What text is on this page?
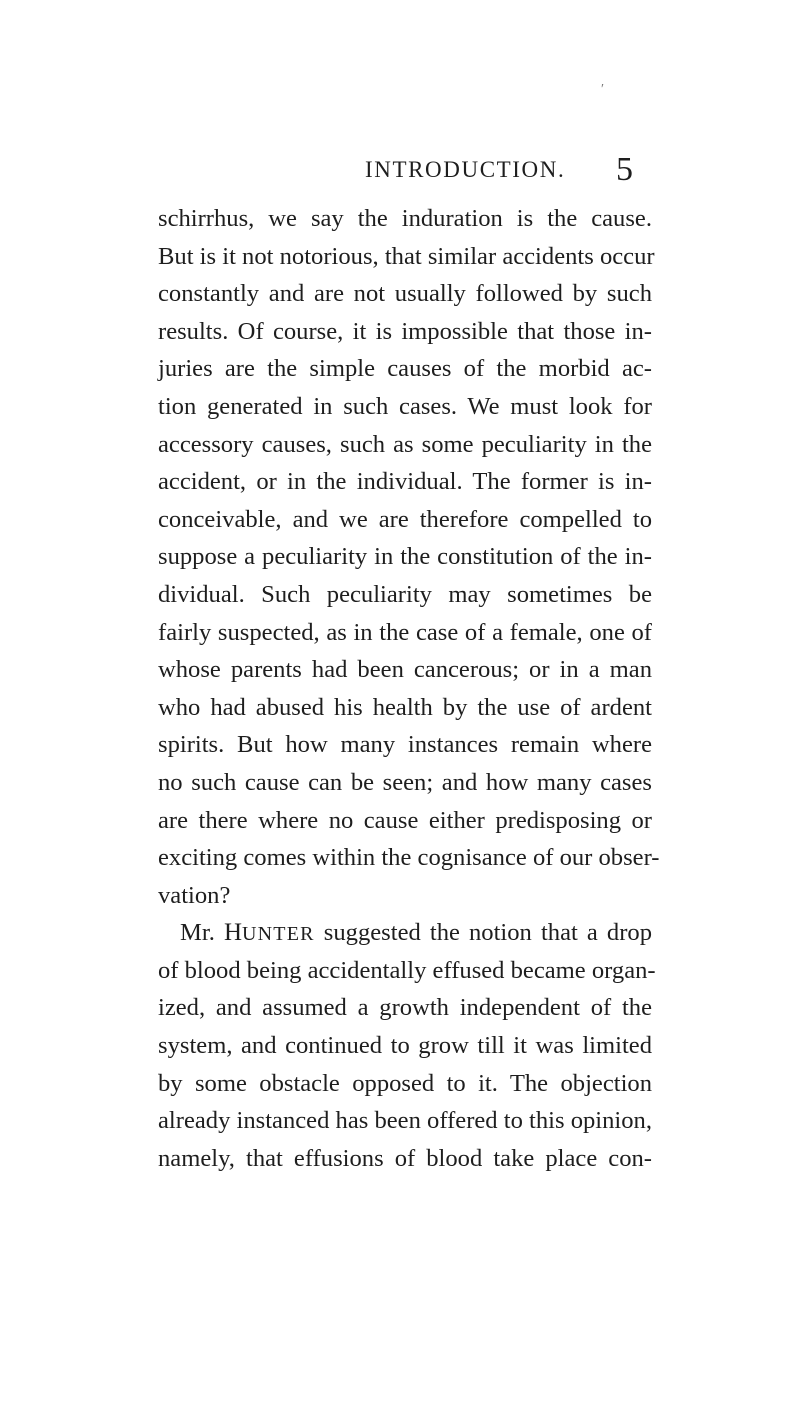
′
INTRODUCTION. 5
schirrhus, we say the induration is the cause.
But is it not notorious, that similar accidents occur
constantly and are not usually followed by such
results. Of course, it is impossible that those in-
juries are the simple causes of the morbid ac-
tion generated in such cases. We must look for
accessory causes, such as some peculiarity in the
accident, or in the individual. The former is in-
conceivable, and we are therefore compelled to
suppose a peculiarity in the constitution of the in-
dividual. Such peculiarity may sometimes be
fairly suspected, as in the case of a female, one of
whose parents had been cancerous; or in a man
who had abused his health by the use of ardent
spirits. But how many instances remain where
no such cause can be seen; and how many cases
are there where no cause either predisposing or
exciting comes within the cognisance of our obser-
vation?
Mr. HUNTER suggested the notion that a drop
of blood being accidentally effused became organ-
ized, and assumed a growth independent of the
system, and continued to grow till it was limited
by some obstacle opposed to it. The objection
already instanced has been offered to this opinion,
namely, that effusions of blood take place con-
